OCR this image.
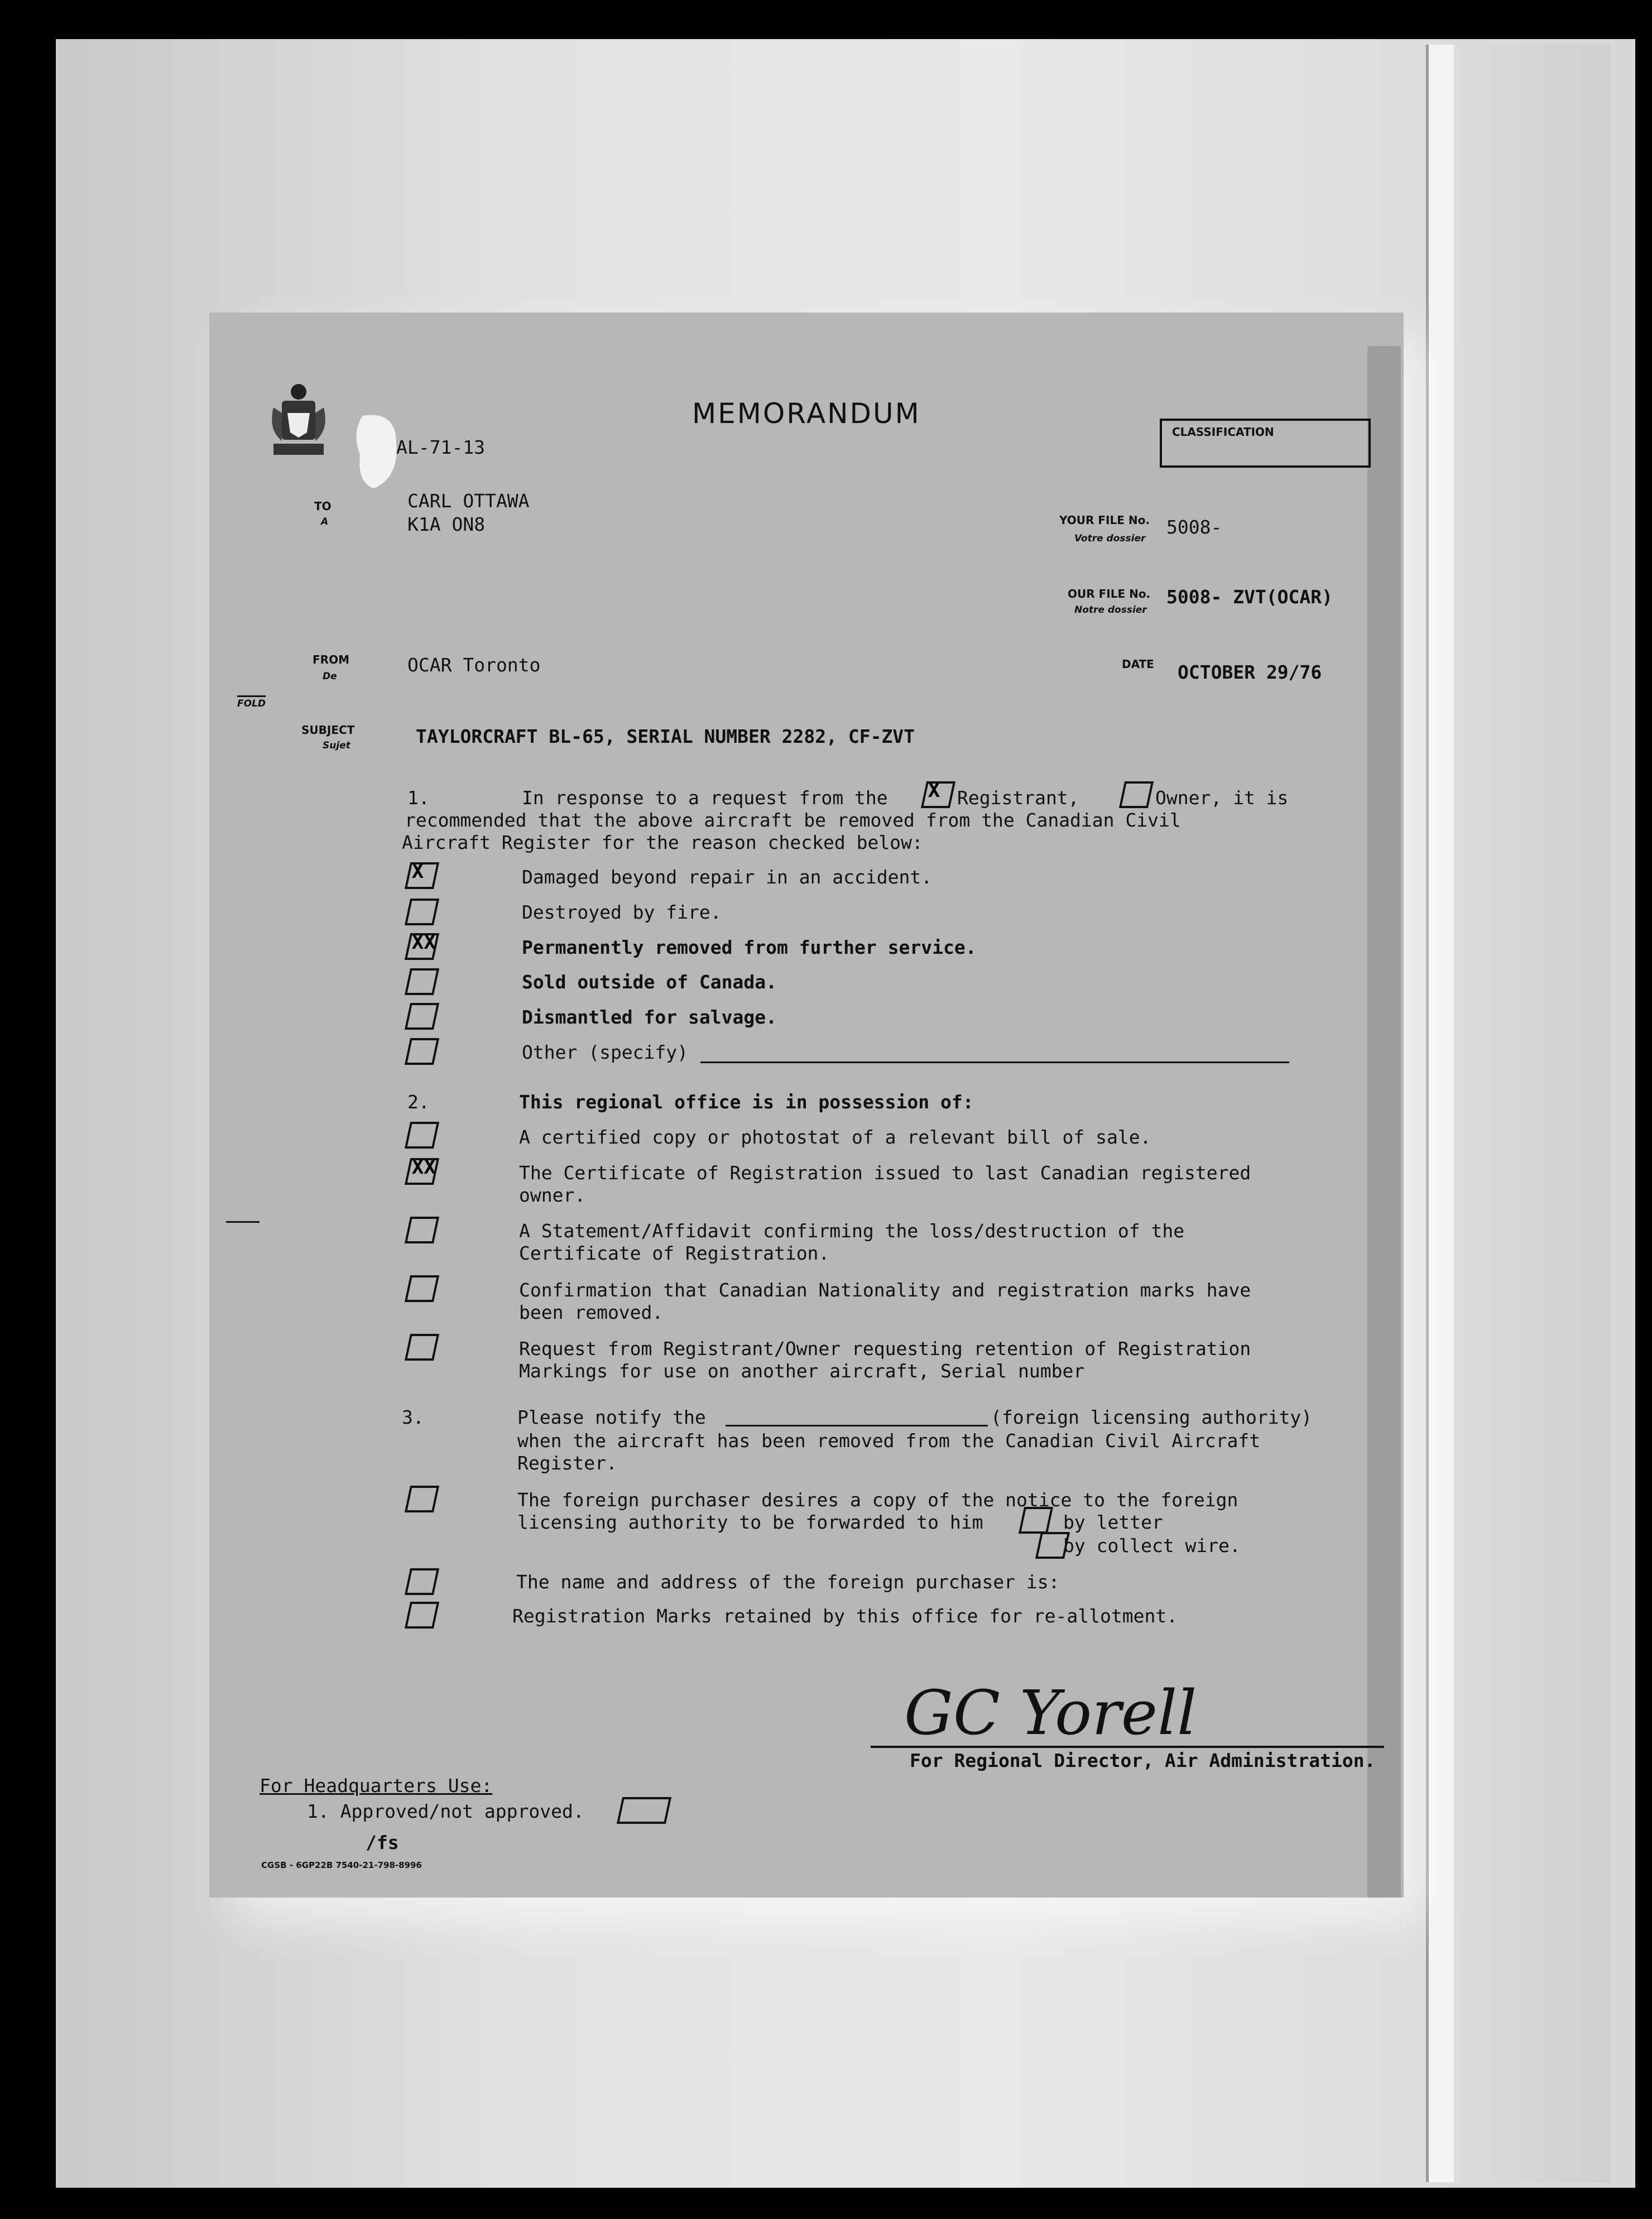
MEMORANDUM
CLASSIFICATION
AL-71-13
TO
A
CARL OTTAWA
K1A ON8	YOUR FILE No.
Votre dossier
5008-
OUR FILE No.
Notre dossier
5008- ZVT(OCAR)
FROM
De
OCAR Toronto	DATE OCTOBER 29/76
FOLD
SUBJECT
Sujet	TAYLORCRAFT BL-65, SERIAL NUMBER 2282, CF-ZVT
1.	In response to a request from the X Registrant,	Owner, it is
recommended that the above aircraft be removed from the Canadian Civil
Aircraft Register for the reason checked below:
X	Damaged beyond repair in an accident.
Destroyed by fire.
XX	Permanently removed from further service.
Sold outside of Canada.
Dismantled for salvage.
Other (specify)
2.	This regional office is in possession of:
A certified copy or photostat of a relevant bill of sale.
XX	The Certificate of Registration issued to last Canadian registered
owner.
A Statement/Affidavit confirming the loss/destruction of the
Certificate of Registration.
Confirmation that Canadian Nationality and registration marks have
been removed.
Request from Registrant/Owner requesting retention of Registration
Markings for use on another aircraft, Serial number
3.	Please notify the	(foreign licensing authority)
when the aircraft has been removed from the Canadian Civil Aircraft
Register.
The foreign purchaser desires a copy of the notice to the foreign
licensing authority to be forwarded to him	by letter
by collect wire.
The name and address of the foreign purchaser is:
Registration Marks retained by this office for re-allotment.
GC Yorell
For Regional Director, Air Administration.
For Headquarters Use:
1. Approved/not approved.
/fs
CGSB - 6GP22B 7540-21-798-8996
